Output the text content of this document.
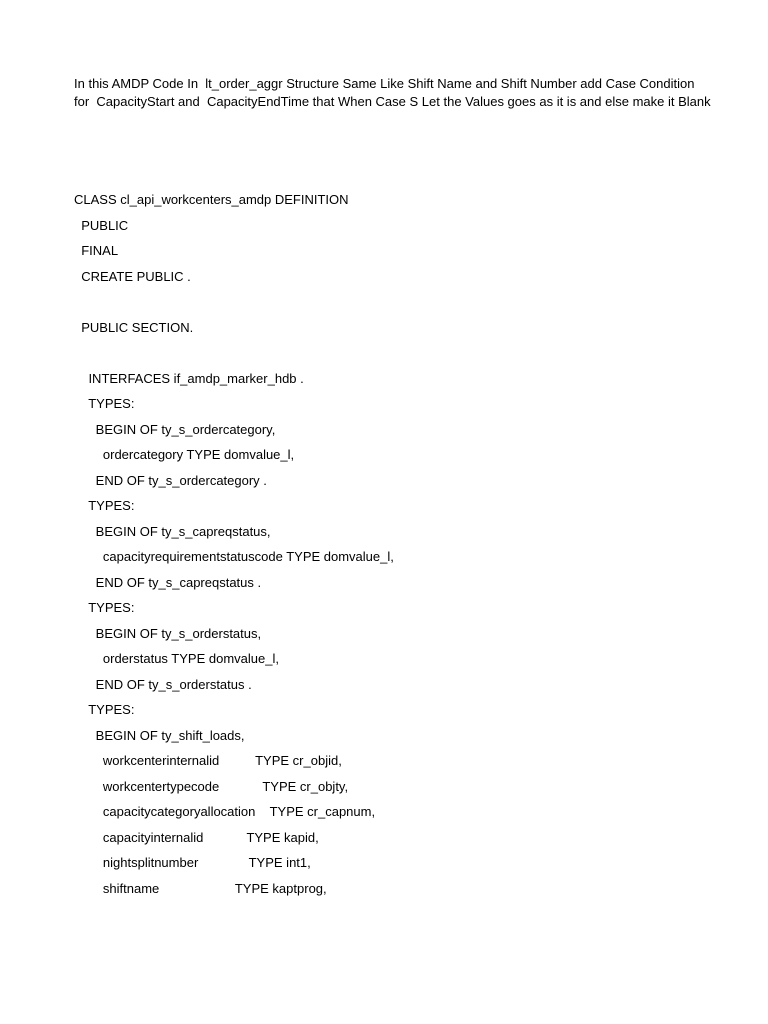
In this AMDP Code In  lt_order_aggr Structure Same Like Shift Name and Shift Number add Case Condition
for  CapacityStart and  CapacityEndTime that When Case S Let the Values goes as it is and else make it Blank
CLASS cl_api_workcenters_amdp DEFINITION
PUBLIC
FINAL
CREATE PUBLIC .
PUBLIC SECTION.
INTERFACES if_amdp_marker_hdb .
TYPES:
BEGIN OF ty_s_ordercategory,
ordercategory TYPE domvalue_l,
END OF ty_s_ordercategory .
TYPES:
BEGIN OF ty_s_capreqstatus,
capacityrequirementstatuscode TYPE domvalue_l,
END OF ty_s_capreqstatus .
TYPES:
BEGIN OF ty_s_orderstatus,
orderstatus TYPE domvalue_l,
END OF ty_s_orderstatus .
TYPES:
BEGIN OF ty_shift_loads,
workcenterinternalid          TYPE cr_objid,
workcentertypecode            TYPE cr_objty,
capacitycategoryallocation    TYPE cr_capnum,
capacityinternalid            TYPE kapid,
nightsplitnumber              TYPE int1,
shiftname                     TYPE kaptprog,
